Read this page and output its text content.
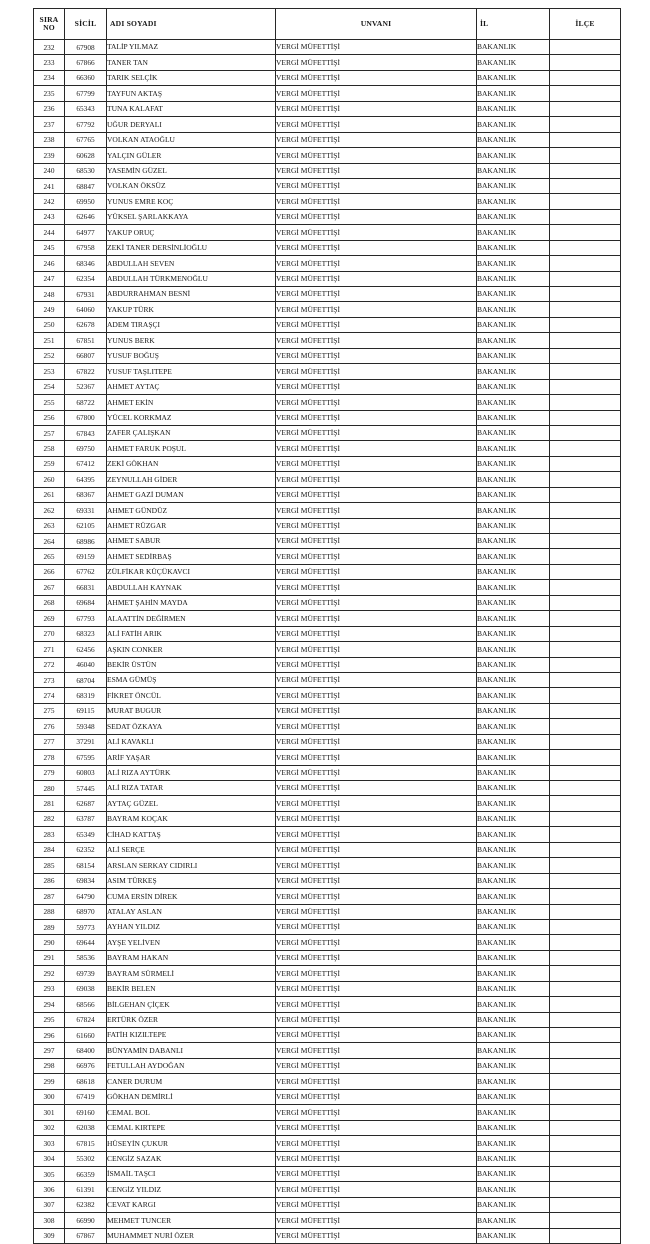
SIRA
NO	SİCİL	ADI SOYADI	UNVANI	İL	İLÇE
232	67908	TALİP YILMAZ	VERGİ MÜFETTİŞİ	BAKANLIK	
233	67866	TANER TAN	VERGİ MÜFETTİŞİ	BAKANLIK	
234	66360	TARIK SELÇİK	VERGİ MÜFETTİŞİ	BAKANLIK	
235	67799	TAYFUN AKTAŞ	VERGİ MÜFETTİŞİ	BAKANLIK	
236	65343	TUNA KALAFAT	VERGİ MÜFETTİŞİ	BAKANLIK	
237	67792	UĞUR DERYALI	VERGİ MÜFETTİŞİ	BAKANLIK	
238	67765	VOLKAN ATAOĞLU	VERGİ MÜFETTİŞİ	BAKANLIK	
239	60628	YALÇIN GÜLER	VERGİ MÜFETTİŞİ	BAKANLIK	
240	68530	YASEMİN GÜZEL	VERGİ MÜFETTİŞİ	BAKANLIK	
241	68847	VOLKAN ÖKSÜZ	VERGİ MÜFETTİŞİ	BAKANLIK	
242	69950	YUNUS EMRE KOÇ	VERGİ MÜFETTİŞİ	BAKANLIK	
243	62646	YÜKSEL ŞARLAKKAYA	VERGİ MÜFETTİŞİ	BAKANLIK	
244	64977	YAKUP ORUÇ	VERGİ MÜFETTİŞİ	BAKANLIK	
245	67958	ZEKİ TANER DERSİNLİOĞLU	VERGİ MÜFETTİŞİ	BAKANLIK	
246	68346	ABDULLAH SEVEN	VERGİ MÜFETTİŞİ	BAKANLIK	
247	62354	ABDULLAH TÜRKMENOĞLU	VERGİ MÜFETTİŞİ	BAKANLIK	
248	67931	ABDURRAHMAN BESNİ	VERGİ MÜFETTİŞİ	BAKANLIK	
249	64060	YAKUP TÜRK	VERGİ MÜFETTİŞİ	BAKANLIK	
250	62678	ADEM TIRAŞÇI	VERGİ MÜFETTİŞİ	BAKANLIK	
251	67851	YUNUS BERK	VERGİ MÜFETTİŞİ	BAKANLIK	
252	66807	YUSUF BOĞUŞ	VERGİ MÜFETTİŞİ	BAKANLIK	
253	67822	YUSUF TAŞLITEPE	VERGİ MÜFETTİŞİ	BAKANLIK	
254	52367	AHMET AYTAÇ	VERGİ MÜFETTİŞİ	BAKANLIK	
255	68722	AHMET EKİN	VERGİ MÜFETTİŞİ	BAKANLIK	
256	67800	YÜCEL KORKMAZ	VERGİ MÜFETTİŞİ	BAKANLIK	
257	67843	ZAFER ÇALIŞKAN	VERGİ MÜFETTİŞİ	BAKANLIK	
258	69750	AHMET FARUK POŞUL	VERGİ MÜFETTİŞİ	BAKANLIK	
259	67412	ZEKİ GÖKHAN	VERGİ MÜFETTİŞİ	BAKANLIK	
260	64395	ZEYNULLAH GİDER	VERGİ MÜFETTİŞİ	BAKANLIK	
261	68367	AHMET GAZİ DUMAN	VERGİ MÜFETTİŞİ	BAKANLIK	
262	69331	AHMET GÜNDÜZ	VERGİ MÜFETTİŞİ	BAKANLIK	
263	62105	AHMET RÜZGAR	VERGİ MÜFETTİŞİ	BAKANLIK	
264	68986	AHMET SABUR	VERGİ MÜFETTİŞİ	BAKANLIK	
265	69159	AHMET SEDİRBAŞ	VERGİ MÜFETTİŞİ	BAKANLIK	
266	67762	ZÜLFİKAR KÜÇÜKAVCI	VERGİ MÜFETTİŞİ	BAKANLIK	
267	66831	ABDULLAH KAYNAK	VERGİ MÜFETTİŞİ	BAKANLIK	
268	69684	AHMET ŞAHİN MAYDA	VERGİ MÜFETTİŞİ	BAKANLIK	
269	67793	ALAATTİN DEĞİRMEN	VERGİ MÜFETTİŞİ	BAKANLIK	
270	68323	ALİ FATİH ARIK	VERGİ MÜFETTİŞİ	BAKANLIK	
271	62456	AŞKIN CONKER	VERGİ MÜFETTİŞİ	BAKANLIK	
272	46040	BEKİR ÜSTÜN	VERGİ MÜFETTİŞİ	BAKANLIK	
273	68704	ESMA GÜMÜŞ	VERGİ MÜFETTİŞİ	BAKANLIK	
274	68319	FİKRET ÖNCÜL	VERGİ MÜFETTİŞİ	BAKANLIK	
275	69115	MURAT BUGUR	VERGİ MÜFETTİŞİ	BAKANLIK	
276	59348	SEDAT ÖZKAYA	VERGİ MÜFETTİŞİ	BAKANLIK	
277	37291	ALİ KAVAKLI	VERGİ MÜFETTİŞİ	BAKANLIK	
278	67595	ARİF YAŞAR	VERGİ MÜFETTİŞİ	BAKANLIK	
279	60803	ALİ RIZA AYTÜRK	VERGİ MÜFETTİŞİ	BAKANLIK	
280	57445	ALİ RIZA TATAR	VERGİ MÜFETTİŞİ	BAKANLIK	
281	62687	AYTAÇ GÜZEL	VERGİ MÜFETTİŞİ	BAKANLIK	
282	63787	BAYRAM KOÇAK	VERGİ MÜFETTİŞİ	BAKANLIK	
283	65349	CİHAD KATTAŞ	VERGİ MÜFETTİŞİ	BAKANLIK	
284	62352	ALİ SERÇE	VERGİ MÜFETTİŞİ	BAKANLIK	
285	68154	ARSLAN SERKAY CIDIRLI	VERGİ MÜFETTİŞİ	BAKANLIK	
286	69834	ASIM TÜRKEŞ	VERGİ MÜFETTİŞİ	BAKANLIK	
287	64790	CUMA ERSİN DİREK	VERGİ MÜFETTİŞİ	BAKANLIK	
288	68970	ATALAY ASLAN	VERGİ MÜFETTİŞİ	BAKANLIK	
289	59773	AYHAN YILDIZ	VERGİ MÜFETTİŞİ	BAKANLIK	
290	69644	AYŞE YELİVEN	VERGİ MÜFETTİŞİ	BAKANLIK	
291	58536	BAYRAM HAKAN	VERGİ MÜFETTİŞİ	BAKANLIK	
292	69739	BAYRAM SÜRMELİ	VERGİ MÜFETTİŞİ	BAKANLIK	
293	69038	BEKİR BELEN	VERGİ MÜFETTİŞİ	BAKANLIK	
294	68566	BİLGEHAN ÇİÇEK	VERGİ MÜFETTİŞİ	BAKANLIK	
295	67824	ERTÜRK ÖZER	VERGİ MÜFETTİŞİ	BAKANLIK	
296	61660	FATİH KIZILTEPE	VERGİ MÜFETTİŞİ	BAKANLIK	
297	68400	BÜNYAMİN DABANLI	VERGİ MÜFETTİŞİ	BAKANLIK	
298	66976	FETULLAH AYDOĞAN	VERGİ MÜFETTİŞİ	BAKANLIK	
299	68618	CANER DURUM	VERGİ MÜFETTİŞİ	BAKANLIK	
300	67419	GÖKHAN DEMİRLİ	VERGİ MÜFETTİŞİ	BAKANLIK	
301	69160	CEMAL BOL	VERGİ MÜFETTİŞİ	BAKANLIK	
302	62038	CEMAL KIRTEPE	VERGİ MÜFETTİŞİ	BAKANLIK	
303	67815	HÜSEYİN ÇUKUR	VERGİ MÜFETTİŞİ	BAKANLIK	
304	55302	CENGİZ SAZAK	VERGİ MÜFETTİŞİ	BAKANLIK	
305	66359	İSMAİL TAŞCI	VERGİ MÜFETTİŞİ	BAKANLIK	
306	61391	CENGİZ YILDIZ	VERGİ MÜFETTİŞİ	BAKANLIK	
307	62382	CEVAT KARGI	VERGİ MÜFETTİŞİ	BAKANLIK	
308	66990	MEHMET TUNCER	VERGİ MÜFETTİŞİ	BAKANLIK	
309	67867	MUHAMMET NURİ ÖZER	VERGİ MÜFETTİŞİ	BAKANLIK	
